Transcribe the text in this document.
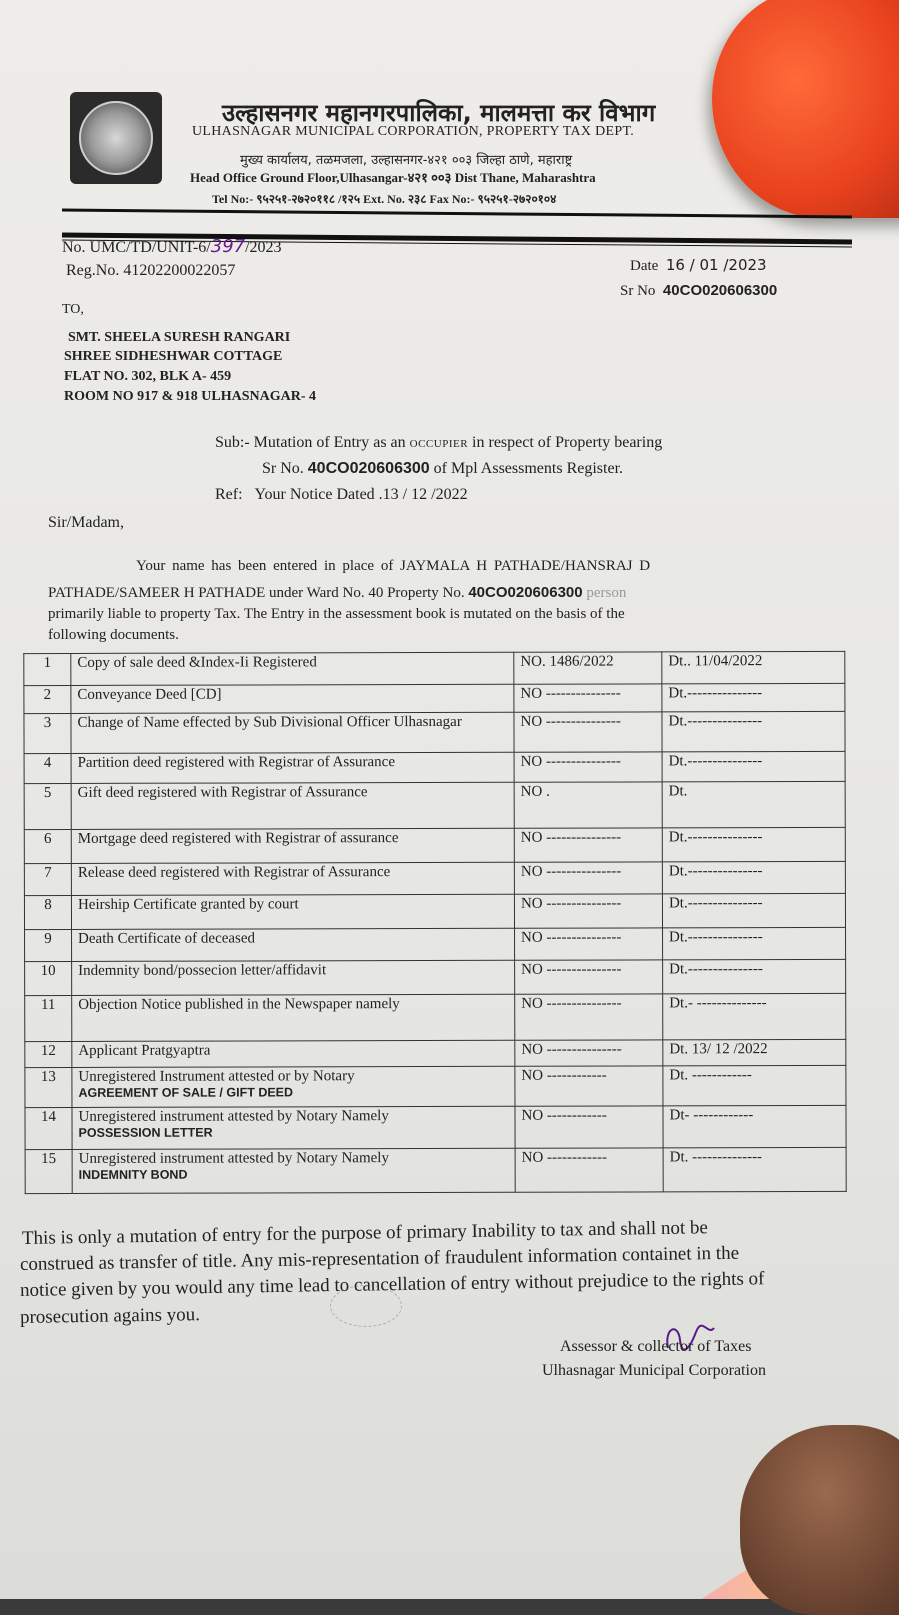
उल्हासनगर महानगरपालिका, मालमत्ता कर विभाग
ULHASNAGAR MUNICIPAL CORPORATION, PROPERTY TAX DEPT.
मुख्य कार्यालय, तळमजला, उल्हासनगर-४२१ ००३ जिल्हा ठाणे, महाराष्ट्र
Head Office Ground Floor,Ulhasangar-४२१ ००३ Dist Thane, Maharashtra
Tel No:- ९५२५१-२७२०११८ /१२५ Ext. No. २३८ Fax No:- ९५२५१-२७२०१०४
No. UMC/TD/UNIT-6/397/2023
Reg.No. 41202200022057	Date 16 / 01 /2023
Sr No 40CO020606300
TO,
SMT. SHEELA SURESH RANGARI
SHREE SIDHESHWAR COTTAGE
FLAT NO. 302, BLK A- 459
ROOM NO 917 & 918 ULHASNAGAR- 4
Sub:- Mutation of Entry as an OCCUPIER in respect of Property bearing
Sr No. 40CO020606300 of Mpl Assessments Register.
Ref: Your Notice Dated .13 / 12 /2022
Sir/Madam,
Your name has been entered in place of JAYMALA H PATHADE/HANSRAJ D
PATHADE/SAMEER H PATHADE under Ward No. 40 Property No. 40CO020606300 person
primarily liable to property Tax. The Entry in the assessment book is mutated on the basis of the
following documents.
1	Copy of sale deed &Index-Ii Registered	NO. 1486/2022	Dt.. 11/04/2022
2	Conveyance Deed [CD]	NO ---------------	Dt.---------------
3	Change of Name effected by Sub Divisional Officer Ulhasnagar	NO ---------------	Dt.---------------
4	Partition deed registered with Registrar of Assurance	NO ---------------	Dt.---------------
5	Gift deed registered with Registrar of Assurance	NO .	Dt.
6	Mortgage deed registered with Registrar of assurance	NO ---------------	Dt.---------------
7	Release deed registered with Registrar of Assurance	NO ---------------	Dt.---------------
8	Heirship Certificate granted by court	NO ---------------	Dt.---------------
9	Death Certificate of deceased	NO ---------------	Dt.---------------
10	Indemnity bond/possecion letter/affidavit	NO ---------------	Dt.---------------
11	Objection Notice published in the Newspaper namely	NO ---------------	Dt.- --------------
12	Applicant Pratgyaptra	NO ---------------	Dt. 13/ 12 /2022
13	Unregistered Instrument attested or by Notary
AGREEMENT OF SALE / GIFT DEED	NO ------------	Dt. ------------
14	Unregistered instrument attested by Notary Namely
POSSESSION LETTER	NO ------------	Dt- ------------
15	Unregistered instrument attested by Notary Namely
INDEMNITY BOND	NO ------------	Dt. --------------
This is only a mutation of entry for the purpose of primary Inability to tax and shall not be
construed as transfer of title. Any mis-representation of fraudulent information containet in the
notice given by you would any time lead to cancellation of entry without prejudice to the rights of
prosecution agains you.
Assessor & collector of Taxes
Ulhasnagar Municipal Corporation
